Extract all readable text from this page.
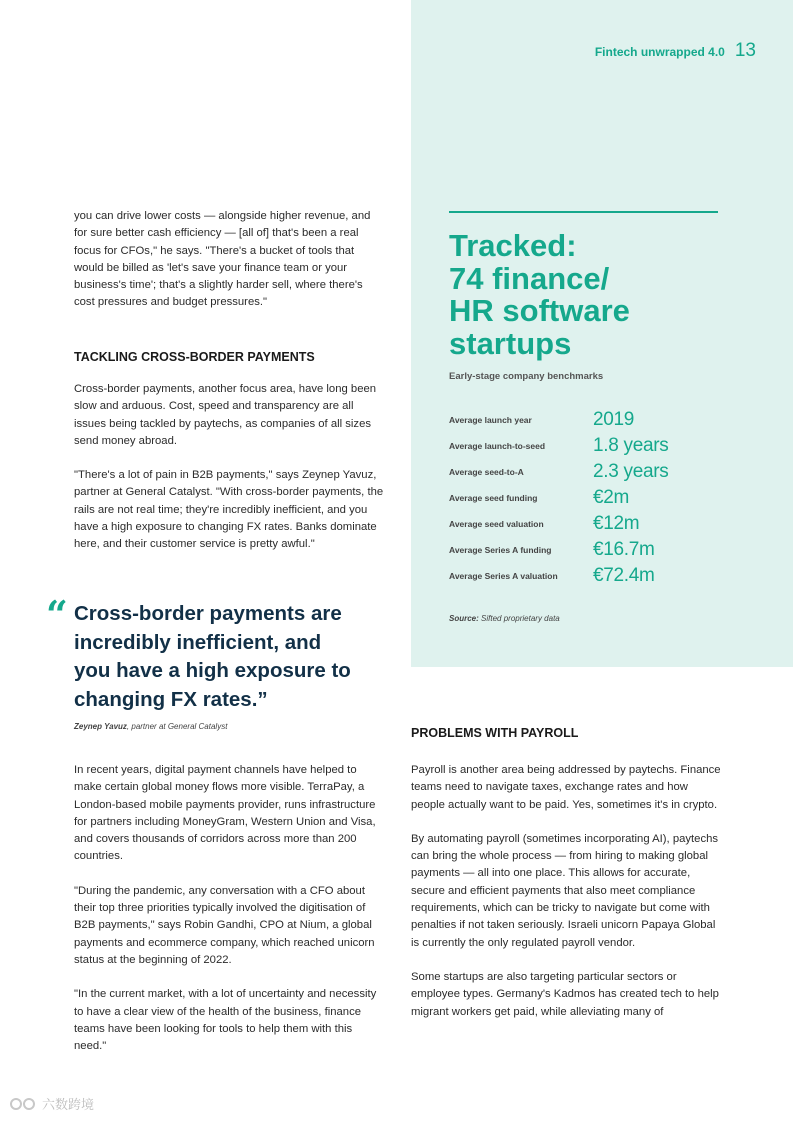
Fintech unwrapped 4.0 13
Tracked:
74 finance/
HR software
startups
Early-stage company benchmarks
Average launch year	2019
Average launch-to-seed	1.8 years
Average seed-to-A	2.3 years
Average seed funding	€2m
Average seed valuation	€12m
Average Series A funding	€16.7m
Average Series A valuation	€72.4m
Source: Sifted proprietary data

you can drive lower costs — alongside higher revenue, and for sure better cash efficiency — [all of] that's been a real focus for CFOs," he says. "There's a bucket of tools that would be billed as 'let's save your finance team or your business's time'; that's a slightly harder sell, where there's cost pressures and budget pressures."

TACKLING CROSS-BORDER PAYMENTS

Cross-border payments, another focus area, have long been slow and arduous. Cost, speed and transparency are all issues being tackled by paytechs, as companies of all sizes send money abroad.

"There's a lot of pain in B2B payments," says Zeynep Yavuz, partner at General Catalyst. "With cross-border payments, the rails are not real time; they're incredibly inefficient, and you have a high exposure to changing FX rates. Banks dominate here, and their customer service is pretty awful."

“ Cross-border payments are
incredibly inefficient, and
you have a high exposure to
changing FX rates.”
Zeynep Yavuz, partner at General Catalyst

In recent years, digital payment channels have helped to make certain global money flows more visible. TerraPay, a London-based mobile payments provider, runs infrastructure for partners including MoneyGram, Western Union and Visa, and covers thousands of corridors across more than 200 countries.

"During the pandemic, any conversation with a CFO about their top three priorities typically involved the digitisation of B2B payments," says Robin Gandhi, CPO at Nium, a global payments and ecommerce company, which reached unicorn status at the beginning of 2022.

"In the current market, with a lot of uncertainty and necessity to have a clear view of the health of the business, finance teams have been looking for tools to help them with this need."

PROBLEMS WITH PAYROLL

Payroll is another area being addressed by paytechs. Finance teams need to navigate taxes, exchange rates and how people actually want to be paid. Yes, sometimes it's in crypto.

By automating payroll (sometimes incorporating AI), paytechs can bring the whole process — from hiring to making global payments — all into one place. This allows for accurate, secure and efficient payments that also meet compliance requirements, which can be tricky to navigate but come with penalties if not taken seriously. Israeli unicorn Papaya Global is currently the only regulated payroll vendor.

Some startups are also targeting particular sectors or employee types. Germany's Kadmos has created tech to help migrant workers get paid, while alleviating many of

六数跨境
